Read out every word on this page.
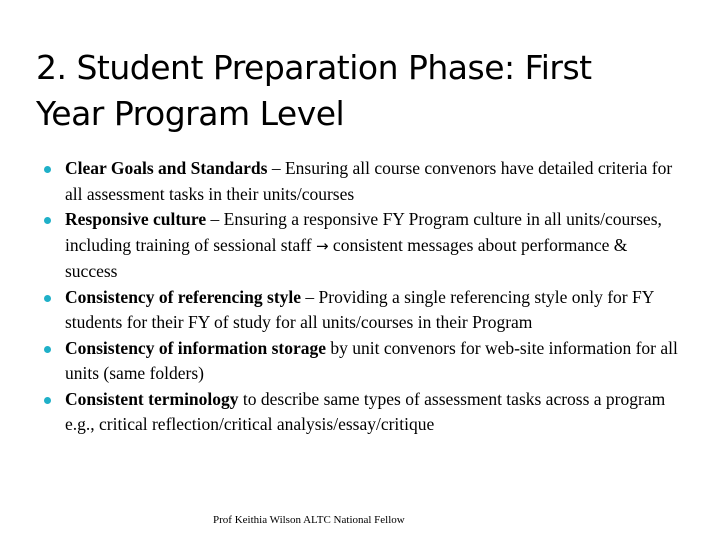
2. Student Preparation Phase: First
Year Program Level
Clear Goals and Standards – Ensuring all course convenors have detailed criteria for all assessment tasks in their units/courses
Responsive culture – Ensuring a responsive FY Program culture in all units/courses, including training of sessional staff → consistent messages about performance & success
Consistency of referencing style – Providing a single referencing style only for FY students for their FY of study for all units/courses in their Program
Consistency of information storage by unit convenors for web-site information for all units (same folders)
Consistent terminology to describe same types of assessment tasks across a program e.g., critical reflection/critical analysis/essay/critique
Prof Keithia Wilson ALTC National Fellow
